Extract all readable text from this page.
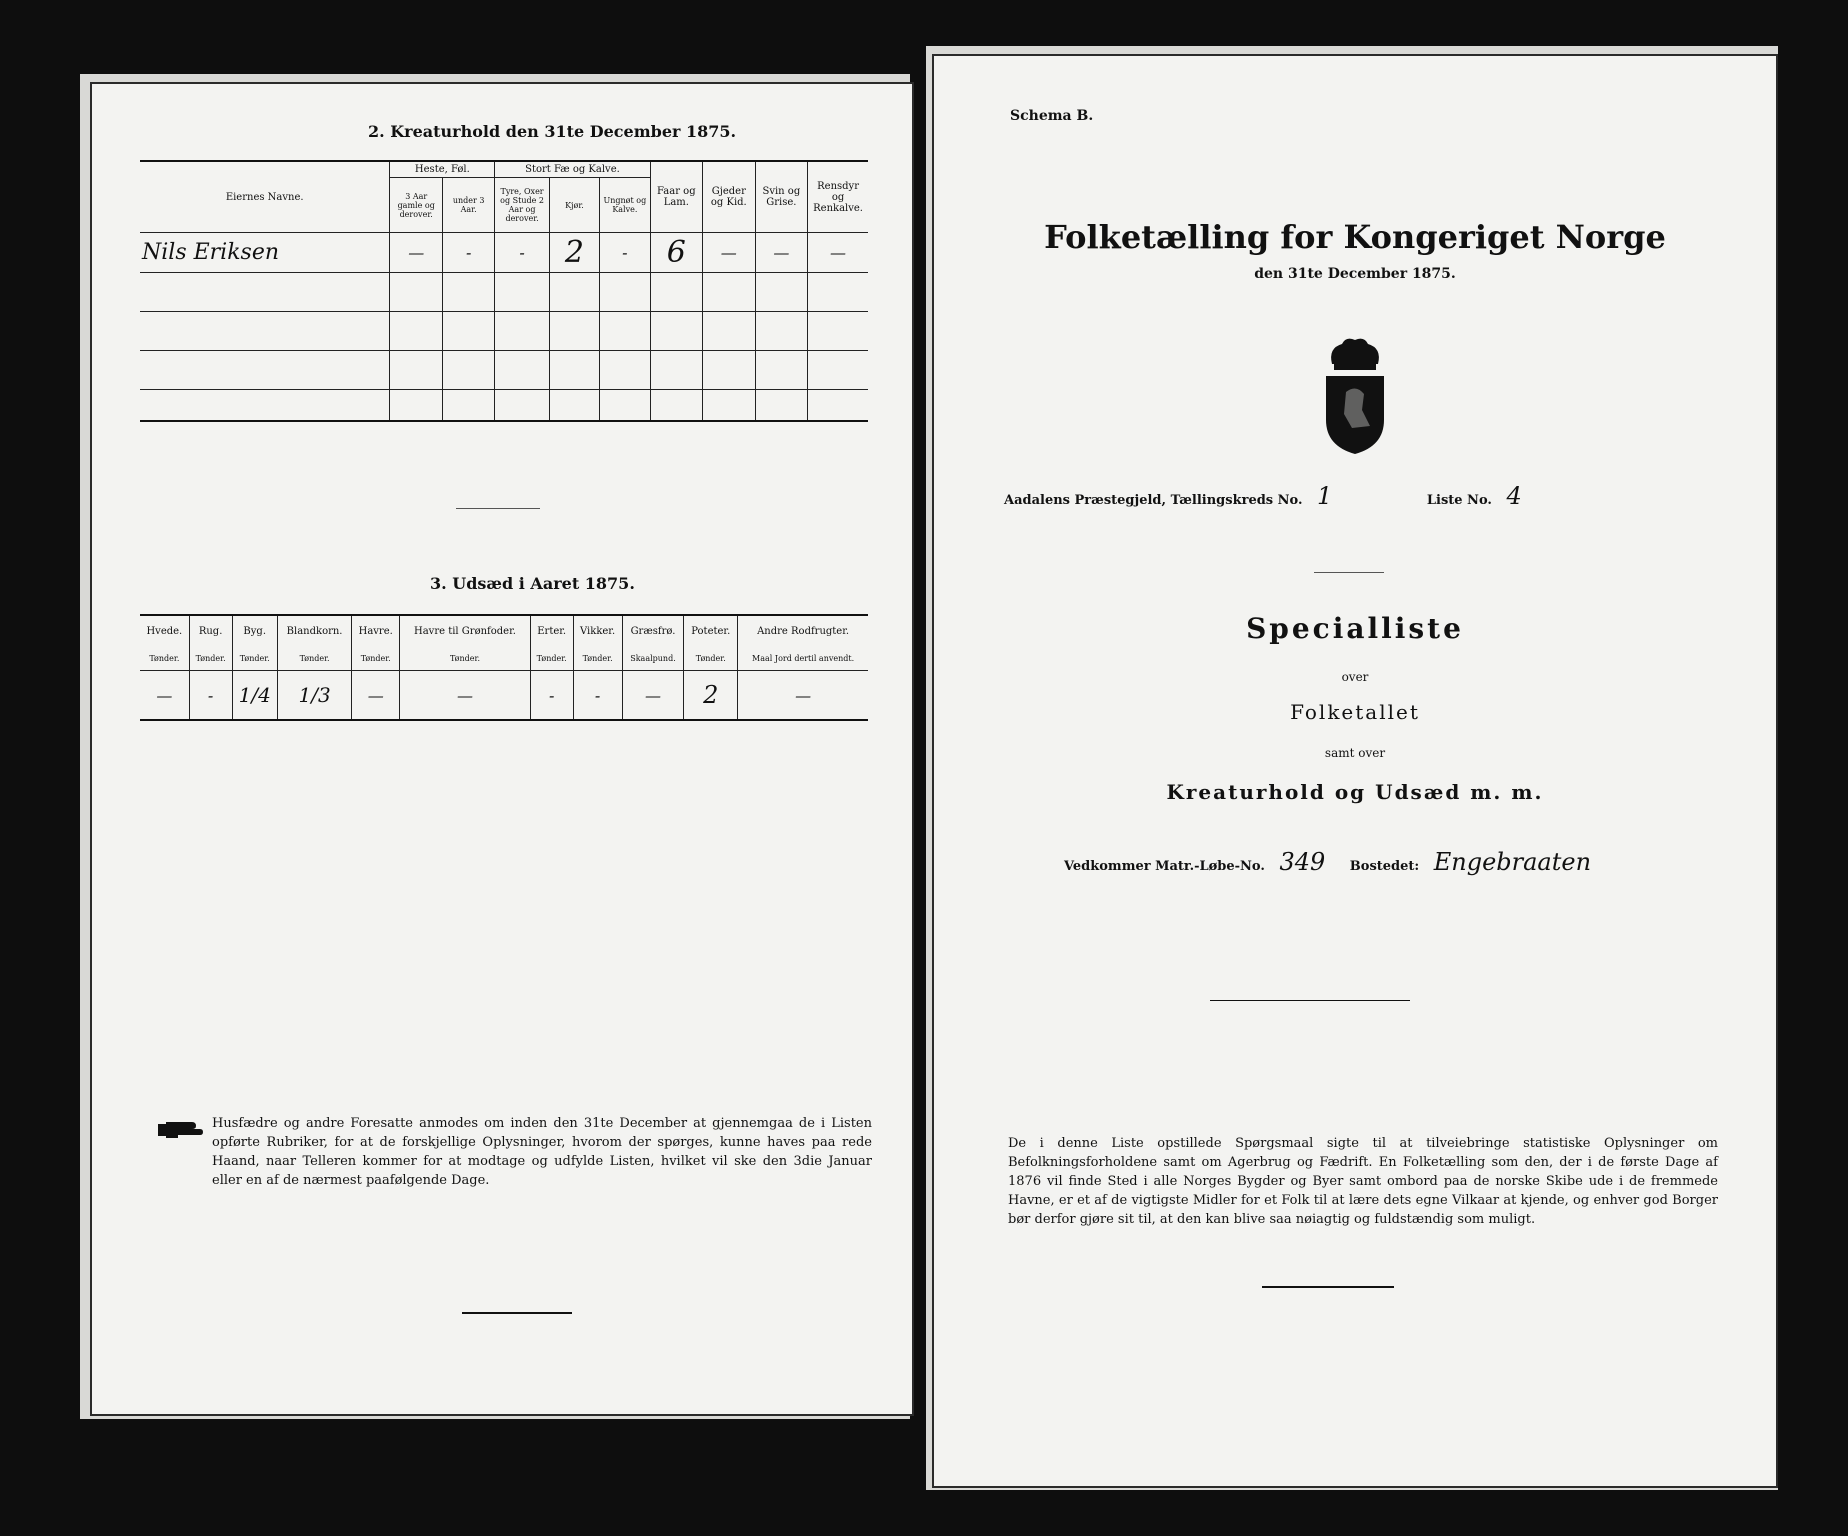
2. Kreaturhold den 31te December 1875.
Eiernes Navne.	Heste, Føl.		Stort Fæ og Kalve.			Faar og Lam.	Gjeder og Kid.	Svin og Grise.	Rensdyr og Renkalve.
	3 Aar gamle og derover.	under 3 Aar.	Tyre, Oxer og Stude 2 Aar og derover.	Kjør.	Ungnøt og Kalve.				
Nils Eriksen	—	-	-	2	-	6	—	—	—

3. Udsæd i Aaret 1875.
Hvede.	Rug.	Byg.	Blandkorn.	Havre.	Havre til Grønfoder.	Erter.	Vikker.	Græsfrø.	Poteter.	Andre Rodfrugter.
Tønder.	Tønder.	Tønder.	Tønder.	Tønder.	Tønder.	Tønder.	Tønder.	Skaalpund.	Tønder.	Maal Jord dertil anvendt.
—	-	1/4	1/3	—	—	-	-	—	2	—
Husfædre og andre Foresatte anmodes om inden den 31te December at gjennemgaa de i Listen opførte Rubriker, for at de forskjellige Oplysninger, hvorom der spørges, kunne haves paa rede Haand, naar Telleren kommer for at modtage og udfylde Listen, hvilket vil ske den 3die Januar eller en af de nærmest paafølgende Dage.
Schema B.
Folketælling for Kongeriget Norge
den 31te December 1875.
Aadalens Præstegjeld, Tællingskreds No. 1	Liste No. 4
Specialliste
over
Folketallet
samt over
Kreaturhold og Udsæd m. m.
Vedkommer Matr.-Løbe-No. 349 Bostedet: Engebraaten
De i denne Liste opstillede Spørgsmaal sigte til at tilveiebringe statistiske Oplysninger om Befolkningsforholdene samt om Agerbrug og Fædrift. En Folketælling som den, der i de første Dage af 1876 vil finde Sted i alle Norges Bygder og Byer samt ombord paa de norske Skibe ude i de fremmede Havne, er et af de vigtigste Midler for et Folk til at lære dets egne Vilkaar at kjende, og enhver god Borger bør derfor gjøre sit til, at den kan blive saa nøiagtig og fuldstændig som muligt.
